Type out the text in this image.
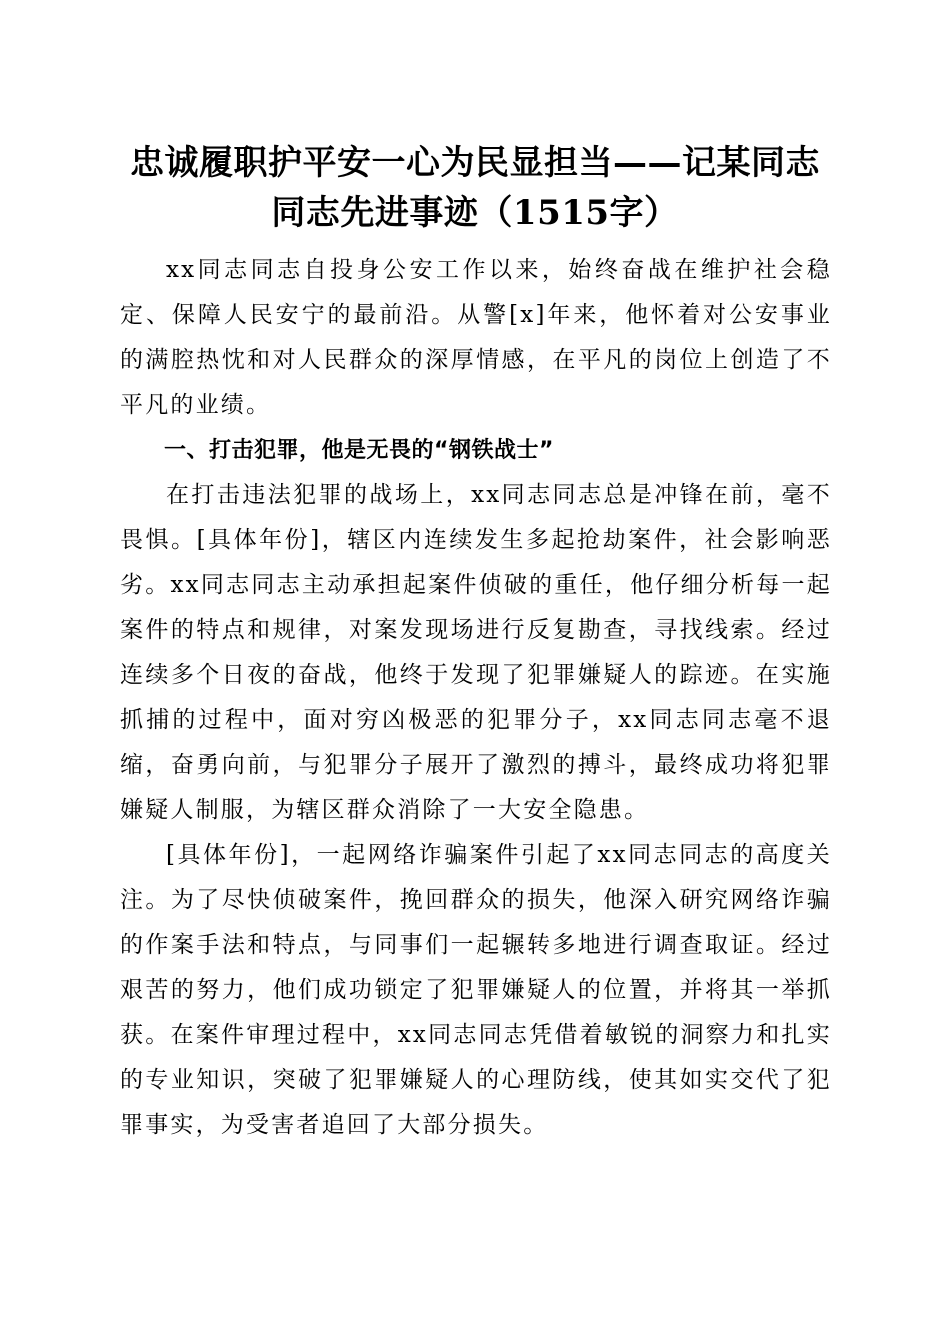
忠诚履职护平安一心为民显担当——记某同志
同志先进事迹（1515字）

xx同志同志自投身公安工作以来，始终奋战在维护社会稳定、保障人民安宁的最前沿。从警[x]年来，他怀着对公安事业的满腔热忱和对人民群众的深厚情感，在平凡的岗位上创造了不平凡的业绩。

一、打击犯罪，他是无畏的“钢铁战士”

在打击违法犯罪的战场上，xx同志同志总是冲锋在前，毫不畏惧。[具体年份]，辖区内连续发生多起抢劫案件，社会影响恶劣。xx同志同志主动承担起案件侦破的重任，他仔细分析每一起案件的特点和规律，对案发现场进行反复勘查，寻找线索。经过连续多个日夜的奋战，他终于发现了犯罪嫌疑人的踪迹。在实施抓捕的过程中，面对穷凶极恶的犯罪分子，xx同志同志毫不退缩，奋勇向前，与犯罪分子展开了激烈的搏斗，最终成功将犯罪嫌疑人制服，为辖区群众消除了一大安全隐患。

[具体年份]，一起网络诈骗案件引起了xx同志同志的高度关注。为了尽快侦破案件，挽回群众的损失，他深入研究网络诈骗的作案手法和特点，与同事们一起辗转多地进行调查取证。经过艰苦的努力，他们成功锁定了犯罪嫌疑人的位置，并将其一举抓获。在案件审理过程中，xx同志同志凭借着敏锐的洞察力和扎实的专业知识，突破了犯罪嫌疑人的心理防线，使其如实交代了犯罪事实，为受害者追回了大部分损失。
